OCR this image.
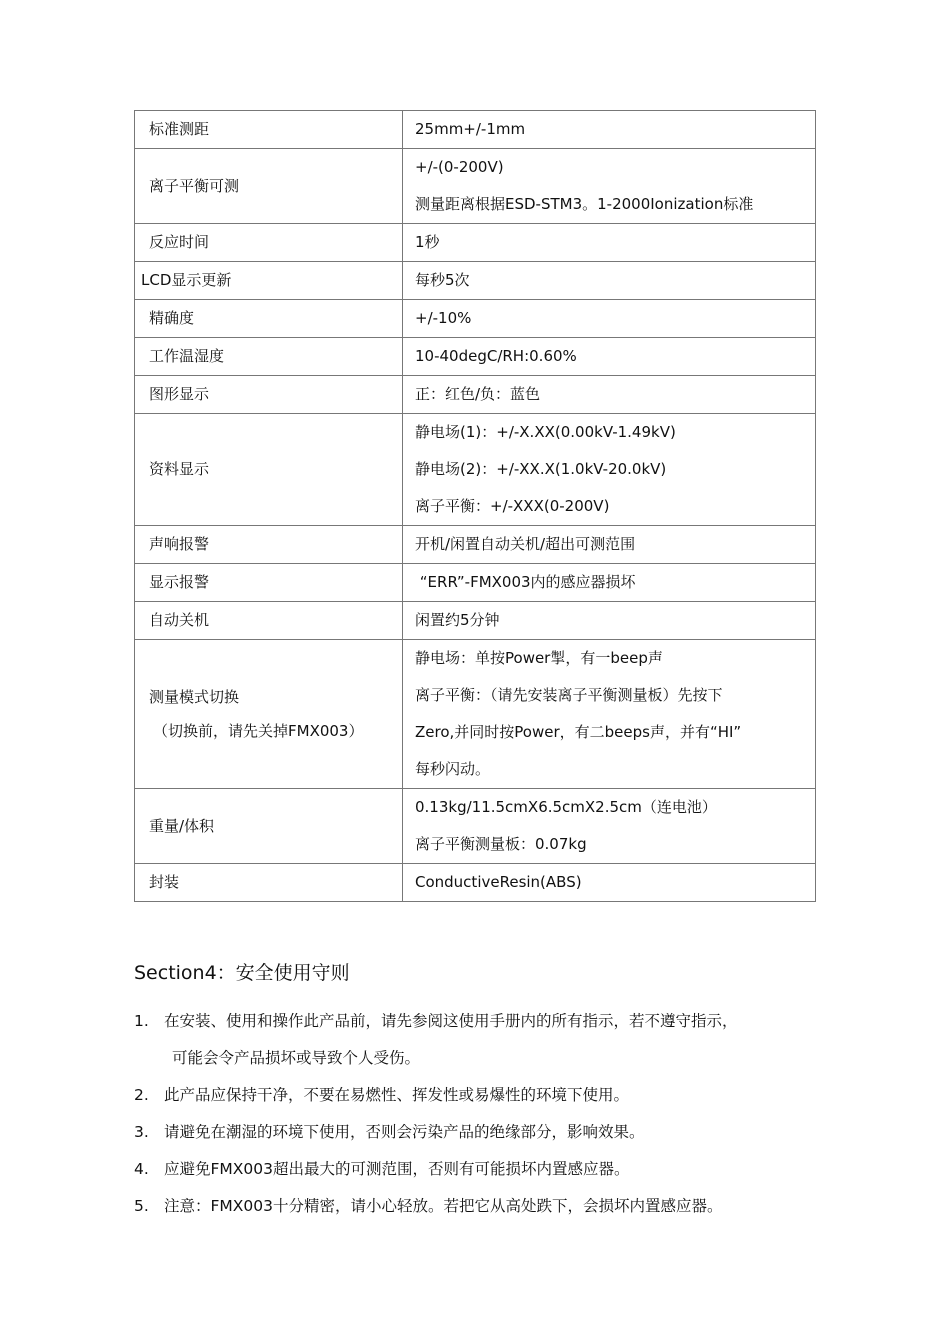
标准测距	25mm+/-1mm

离子平衡可测	+/-(0-200V)
测量距离根据ESD-STM3。1-2000Ionization标准

反应时间	1秒

LCD显示更新	每秒5次

精确度	+/-10%

工作温湿度	10-40degC/RH:0.60%

图形显示	正：红色/负：蓝色

资料显示	静电场(1)：+/-X.XX(0.00kV-1.49kV)
静电场(2)：+/-XX.X(1.0kV-20.0kV)
离子平衡：+/-XXX(0-200V)

声响报警	开机/闲置自动关机/超出可测范围

显示报警	“ERR”-FMX003内的感应器损坏

自动关机	闲置约5分钟

测量模式切换
（切换前，请先关掉FMX003）	静电场：单按Power掣，有一beep声
离子平衡：（请先安装离子平衡测量板）先按下
Zero,并同时按Power，有二beeps声，并有“HI”
每秒闪动。

重量/体积	0.13kg/11.5cmX6.5cmX2.5cm（连电池）
离子平衡测量板：0.07kg

封装	ConductiveResin(ABS)
Section4：安全使用守则
1. 在安装、使用和操作此产品前，请先参阅这使用手册内的所有指示，若不遵守指示，
可能会令产品损坏或导致个人受伤。
2. 此产品应保持干净，不要在易燃性、挥发性或易爆性的环境下使用。
3. 请避免在潮湿的环境下使用，否则会污染产品的绝缘部分，影响效果。
4. 应避免FMX003超出最大的可测范围，否则有可能损坏内置感应器。
5. 注意：FMX003十分精密，请小心轻放。若把它从高处跌下，会损坏内置感应器。
